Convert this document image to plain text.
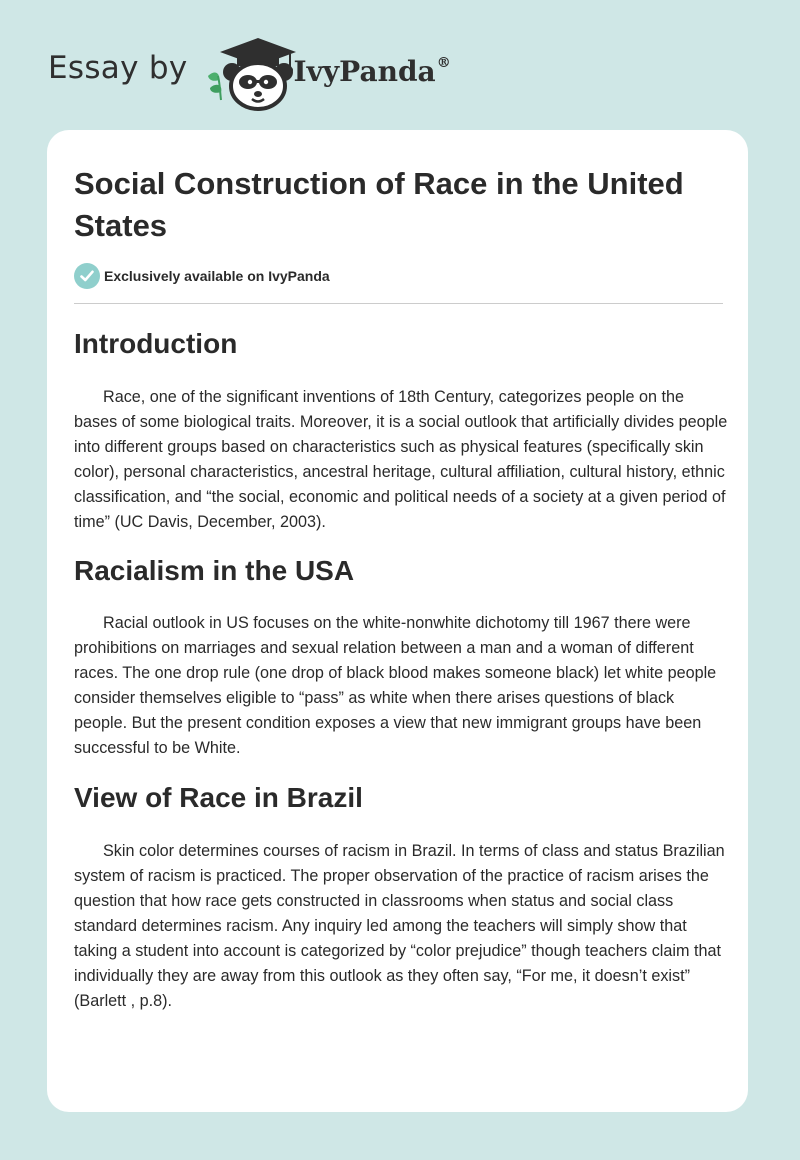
Essay by	IvyPanda®
Social Construction of Race in the United States
Exclusively available on IvyPanda
Introduction

Race, one of the significant inventions of 18th Century, categorizes people on the bases of some biological traits. Moreover, it is a social outlook that artificially divides people into different groups based on characteristics such as physical features (specifically skin color), personal characteristics, ancestral heritage, cultural affiliation, cultural history, ethnic classification, and “the social, economic and political needs of a society at a given period of time” (UC Davis, December, 2003).

Racialism in the USA

Racial outlook in US focuses on the white-nonwhite dichotomy till 1967 there were prohibitions on marriages and sexual relation between a man and a woman of different races. The one drop rule (one drop of black blood makes someone black) let white people consider themselves eligible to “pass” as white when there arises questions of black people. But the present condition exposes a view that new immigrant groups have been successful to be White.

View of Race in Brazil

Skin color determines courses of racism in Brazil. In terms of class and status Brazilian system of racism is practiced. The proper observation of the practice of racism arises the question that how race gets constructed in classrooms when status and social class standard determines racism. Any inquiry led among the teachers will simply show that taking a student into account is categorized by “color prejudice” though teachers claim that individually they are away from this outlook as they often say, “For me, it doesn’t exist” (Barlett , p.8).
